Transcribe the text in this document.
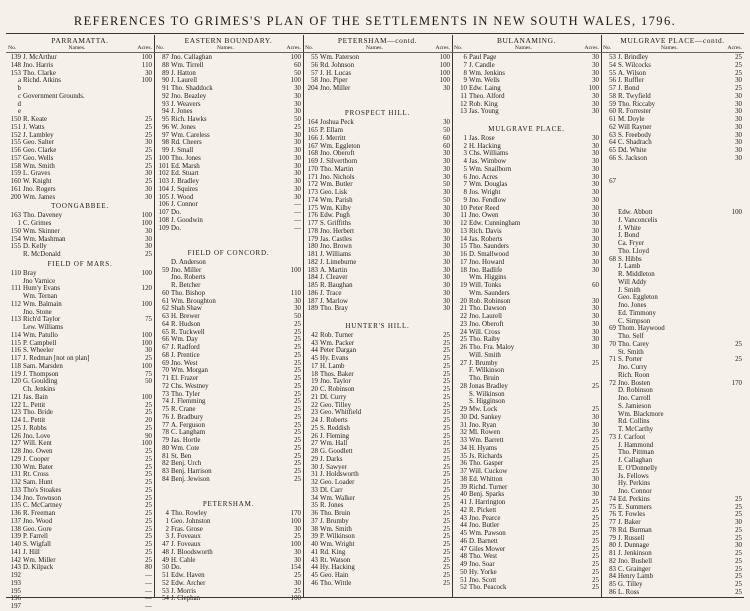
REFERENCES TO GRIMES'S PLAN OF THE SETTLEMENTS IN NEW SOUTH WALES, 1796.
PARRAMATTA.
No.	Names.	Acres.
139 J. McArthur	100
148 Jno. Harris	110
153 Tho. Clarke	30
a Richd. Atkins	100
b
c Government Grounds.
d
e
150 R. Keate	25
151 J. Watts	25
152 J. Lambley	25
155 Geo. Salter	30
156 Geo. Clarke	25
157 Geo. Wells	25
158 Wm. Smith	25
159 L. Graves	30
160 W. Knight	25
161 Jno. Rogers	30
200 Wm. James	30
TOONGABBEE.
163 Tho. Daveney	100
1 C. Grimes	100
150 Wm. Skinner	30
154 Wm. Mashman	30
155 D. Kelly	30
R. McDonald	25
FIELD OF MARS.
110 Bray	100
Jno Varnice
111 Hum'y Evans	120
Wm. Ternan
112 Wm. Balmain	100
Jno. Stone
113 Rich'd Taylor	75
Lew. Williams
114 Wm. Patullo	100
115 P. Campbell	100
116 S. Wheeler	30
117 J. Redman [not on plan]	25
118 Sam. Marsden	100
119 J. Thompson	75
120 G. Goulding	50
Ch. Jenkins
121 Jas. Bain	100
122 L. Pettit	25
123 Tho. Bride	25
124 L. Pettit	20
125 J. Robbs	25
126 Jno. Love	90
127 Will. Kent	100
128 Jno. Owen	25
129 J. Cooper	25
130 Wm. Bater	25
131 Rt. Cross	25
132 Sam. Hunt	25
133 Tho's Stoakes	25
134 Jno. Townson	25
135 C. McCartney	25
136 R. Freeman	25
137 Jno. Wood	25
138 Geo. Gore	25
139 P. Farrell	25
140 S. Wigfall	25
141 J. Hill	25
142 Wm. Miller	25
143 D. Kilpack	80
192	—
193	—
195	—
196	—
197	—
EASTERN BOUNDARY.
No.	Names.	Acres.
87 Jno. Callaghan	100
88 Wm. Tirrell	60
89 J. Hatton	50
90 J. Laurell	100
91 Tho. Shaddock	30
92 Jno. Beazley	30
93 J. Weavers	30
94 J. Jones	30
95 Rich. Hawks	50
96 W. Jones	25
97 Wm. Careless	30
98 Rd. Cheers	30
99 J. Small	30
100 Tho. Jones	30
101 Ed. Marsh	30
102 Ed. Stuart	30
103 J. Bradley	30
104 J. Squires	30
105 J. Wood	30
106 J. Connor	—
107 Do.	—
108 J. Goodwin	—
109 Do.	—
FIELD OF CONCORD.
D. Anderson
59 Jno. Miller	100
Jno. Roberts
R. Betcher
60 Tho. Bishop	110
61 Wm. Broughton	30
62 Shah Shaw	30
63 H. Brewer	50
64 R. Hudson	25
65 R. Tuckwell	25
66 Wm. Day	25
67 J. Radford	25
68 J. Prentice	25
69 Jno. West	25
70 Wm. Morgan	25
71 El. Frazer	25
72 Chs. Westney	25
73 Tho. Tyler	25
74 J. Flemming	25
75 R. Crane	25
76 J. Bradbury	25
77 A. Ferguson	25
78 C. Langham	25
79 Jas. Hortle	25
80 Wm. Cote	25
81 St. Ben	25
82 Benj. Urch	25
83 Benj. Harrison	25
84 Benj. Jewison	25
PETERSHAM.
4 Tho. Rowley	170
1 Geo. Johnston	100
2 Fras. Grose	30
3 J. Foveaux	25
47 J. Foveaux	100
48 J. Bloodsworth	30
49 H. Cable	30
50 Do.	154
51 Edw. Haven	25
52 Edw. Archer	30
53 J. Morris	25
54 J. Clephan	100
PETERSHAM—contd.
No.	Names.	Acres.
55 Wm. Paterson	100
56 Rd. Johnson	100
57 J. H. Lucas	100
58 Jno. Piper	100
204 Jno. Miller	30
PROSPECT HILL.
164 Joshua Peck	30
165 P. Ellam	50
166 J. Merritt	60
167 Wm. Eggleton	60
168 Jno. Oberoft	30
169 J. Silverthorn	30
170 Tho. Martin	30
171 Jno. Nichols	30
172 Wm. Butler	50
173 Geo. Lisk	30
174 Wm. Parish	50
175 Wm. Kilby	30
176 Edw. Pugh	30
177 S. Griffiths	30
178 Jno. Herbert	30
179 Jas. Castles	30
180 Jno. Brown	30
181 J. Williams	30
182 J. Limeburne	30
183 A. Martin	30
184 J. Cleaver	30
185 R. Baughan	30
186 J. Trace	30
187 J. Marlow	30
189 Tho. Bray	30
HUNTER'S HILL.
42 Rob. Turner	25
43 Wm. Packer	25
44 Peter Dargan	25
45 Hy. Evans	25
17 H. Lamb	25
18 Thos. Baker	25
19 Jno. Taylor	25
20 C. Robinson	25
21 Dl. Curry	25
22 Geo. Tilley	25
23 Geo. Whitfield	25
24 J. Roberts	25
25 S. Reddish	25
26 J. Fleming	25
27 Wm. Hall	25
28 G. Goodlett	25
29 J. Darks	25
30 J. Sawyer	25
31 J. Holdsworth	25
32 Geo. Loader	25
33 Dl. Carr	25
34 Wm. Walker	25
35 R. Jones	25
36 Tho. Bruin	25
37 J. Brumby	25
38 Wm. Smith	25
39 P. Wilkinson	25
40 Wm. Wright	25
41 Rd. King	25
43 Rt. Watson	25
44 Hy. Hacking	25
45 Geo. Hain	25
46 Tho. Wittle	25
BULANAMING.
No.	Names.	Acres.
6 Paul Page	30
7 J. Candle	30
8 Wm. Jenkins	30
9 Wm. Wells	30
10 Edw. Laing	100
11 Theo. Alford	30
12 Rob. King	30
13 Jas. Young	30
MULGRAVE PLACE.
1 Jas. Rose	30
2 H. Hacking	30
3 Chs. Williams	30
4 Jas. Wimbow	30
5 Wm. Snailborn	30
6 Jno. Acres	30
7 Wm. Douglas	30
8 Jos. Wright	30
9 Jno. Fendlow	30
10 Peter Reed	30
11 Jno. Owen	30
12 Edw. Cunningham	30
13 Rich. Davis	30
14 Jas. Roberts	30
15 Tho. Saunders	30
16 D. Smallwood	30
17 Jno. Howard	30
18 Jno. Badlife	30
Wm. Higgins
19 Will. Tonks	60
Wm. Saunders
20 Rob. Robinson	30
21 Tho. Dawson	30
22 Jno. Laurell	30
23 Jno. Oberoft	30
24 Will. Cross	30
25 Tho. Raiby	30
26 Tho. Fra. Maloy	30
Will. Smith
27 J. Brumby	25
F. Wilkinson
Tho. Bruin
28 Jonas Bradley	25
S. Wilkinson
S. Higginson
29 Mw. Lock	25
30 Dd. Sankey	30
31 Jno. Ryan	30
32 Ml. Rowen	25
33 Wm. Barrett	25
34 H. Hyams	25
35 Js. Richards	25
36 Tho. Gasper	25
37 Will. Cuckow	25
38 Ed. Whitton	30
39 Richd. Turner	30
40 Benj. Sparks	30
41 J. Harrington	25
42 R. Pickett	25
43 Jno. Pearce	25
44 Jno. Butler	25
45 Wm. Pawson	25
46 D. Barnett	25
47 Giles Mower	25
48 Tho. West	25
49 Jno. Soar	25
50 Hy. Yorke	25
51 Jno. Scott	25
52 Tho. Peacock	25
MULGRAVE PLACE—contd.
No.	Names.	Acres.
53 J. Brindley	25
54 S. Wilcocks	25
55 A. Wilson	25
56 J. Ruffler	30
57 J. Bond	25
58 R. Twyfield	30
59 Tho. Riccaby	30
60 R. Forrester	30
61 M. Doyle	30
62 Will Rayner	30
63 S. Freebody	30
64 C. Shadrach	30
65 Dd. White	30
66 S. Jackson	30
67
Edw. Abbott	100
J. Vanconcelis
J. White
J. Bond
Ca. Fryer
Tho. Lloyd
68 S. Hibbs
J. Lamb
R. Middleton
Will Addy
J. Smith
Geo. Eggleton
Jno. Jones
Ed. Timmony
C. Simpson
69 Thom. Haywood
Tho. Self
70 Tho. Carey	25
St. Smith
71 S. Porter	25
Jno. Curry
Rich. Roon
72 Jno. Bosten	170
D. Robinson
Jno. Carroll
S. Jamieson
Wm. Blackmore
Rd. Collins
T. McCarthy
73 J. Carfoot
J. Hammond
Tho. Pittman
J. Callaghan
E. O'Donnelly
Js. Fellows
Hy. Perkins
Jno. Connor
74 Ed. Perkins	25
75 E. Summers	25
76 T. Fowles	25
77 J. Baker	30
78 Rd. Burman	25
79 J. Russell	25
80 J. Dunnage	30
81 J. Jenkinson	25
82 Jno. Bushell	25
83 C. Grainger	25
84 Henry Lamb	25
85 G. Tilley	25
86 L. Ross	25
